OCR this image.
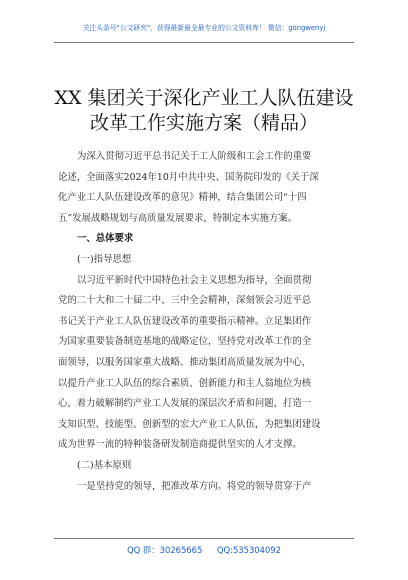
关注头条号"公文研究"，获得最新最全最专业的公文资料库！ 微信：gongwenyj
XX 集团关于深化产业工人队伍建设
改革工作实施方案（精品）

为深入贯彻习近平总书记关于工人阶级和工会工作的重要

论述，全面落实2024年10月中共中央、国务院印发的《关于深

化产业工人队伍建设改革的意见》精神，结合集团公司“十四

五”发展战略规划与高质量发展要求，特制定本实施方案。

一、总体要求

(一)指导思想

以习近平新时代中国特色社会主义思想为指导，全面贯彻

党的二十大和二十届二中、三中全会精神，深刻领会习近平总

书记关于产业工人队伍建设改革的重要指示精神。立足集团作

为国家重要装备制造基地的战略定位，坚持党对改革工作的全

面领导，以服务国家重大战略、推动集团高质量发展为中心，

以提升产业工人队伍的综合素质、创新能力和主人翁地位为核

心，着力破解制约产业工人发展的深层次矛盾和问题，打造一

支知识型、技能型、创新型的宏大产业工人队伍，为把集团建设

成为世界一流的特种装备研发制造商提供坚实的人才支撑。

(二)基本原则

一是坚持党的领导，把准改革方向。将党的领导贯穿于产

QQ 群：30265665 QQ:535304092
